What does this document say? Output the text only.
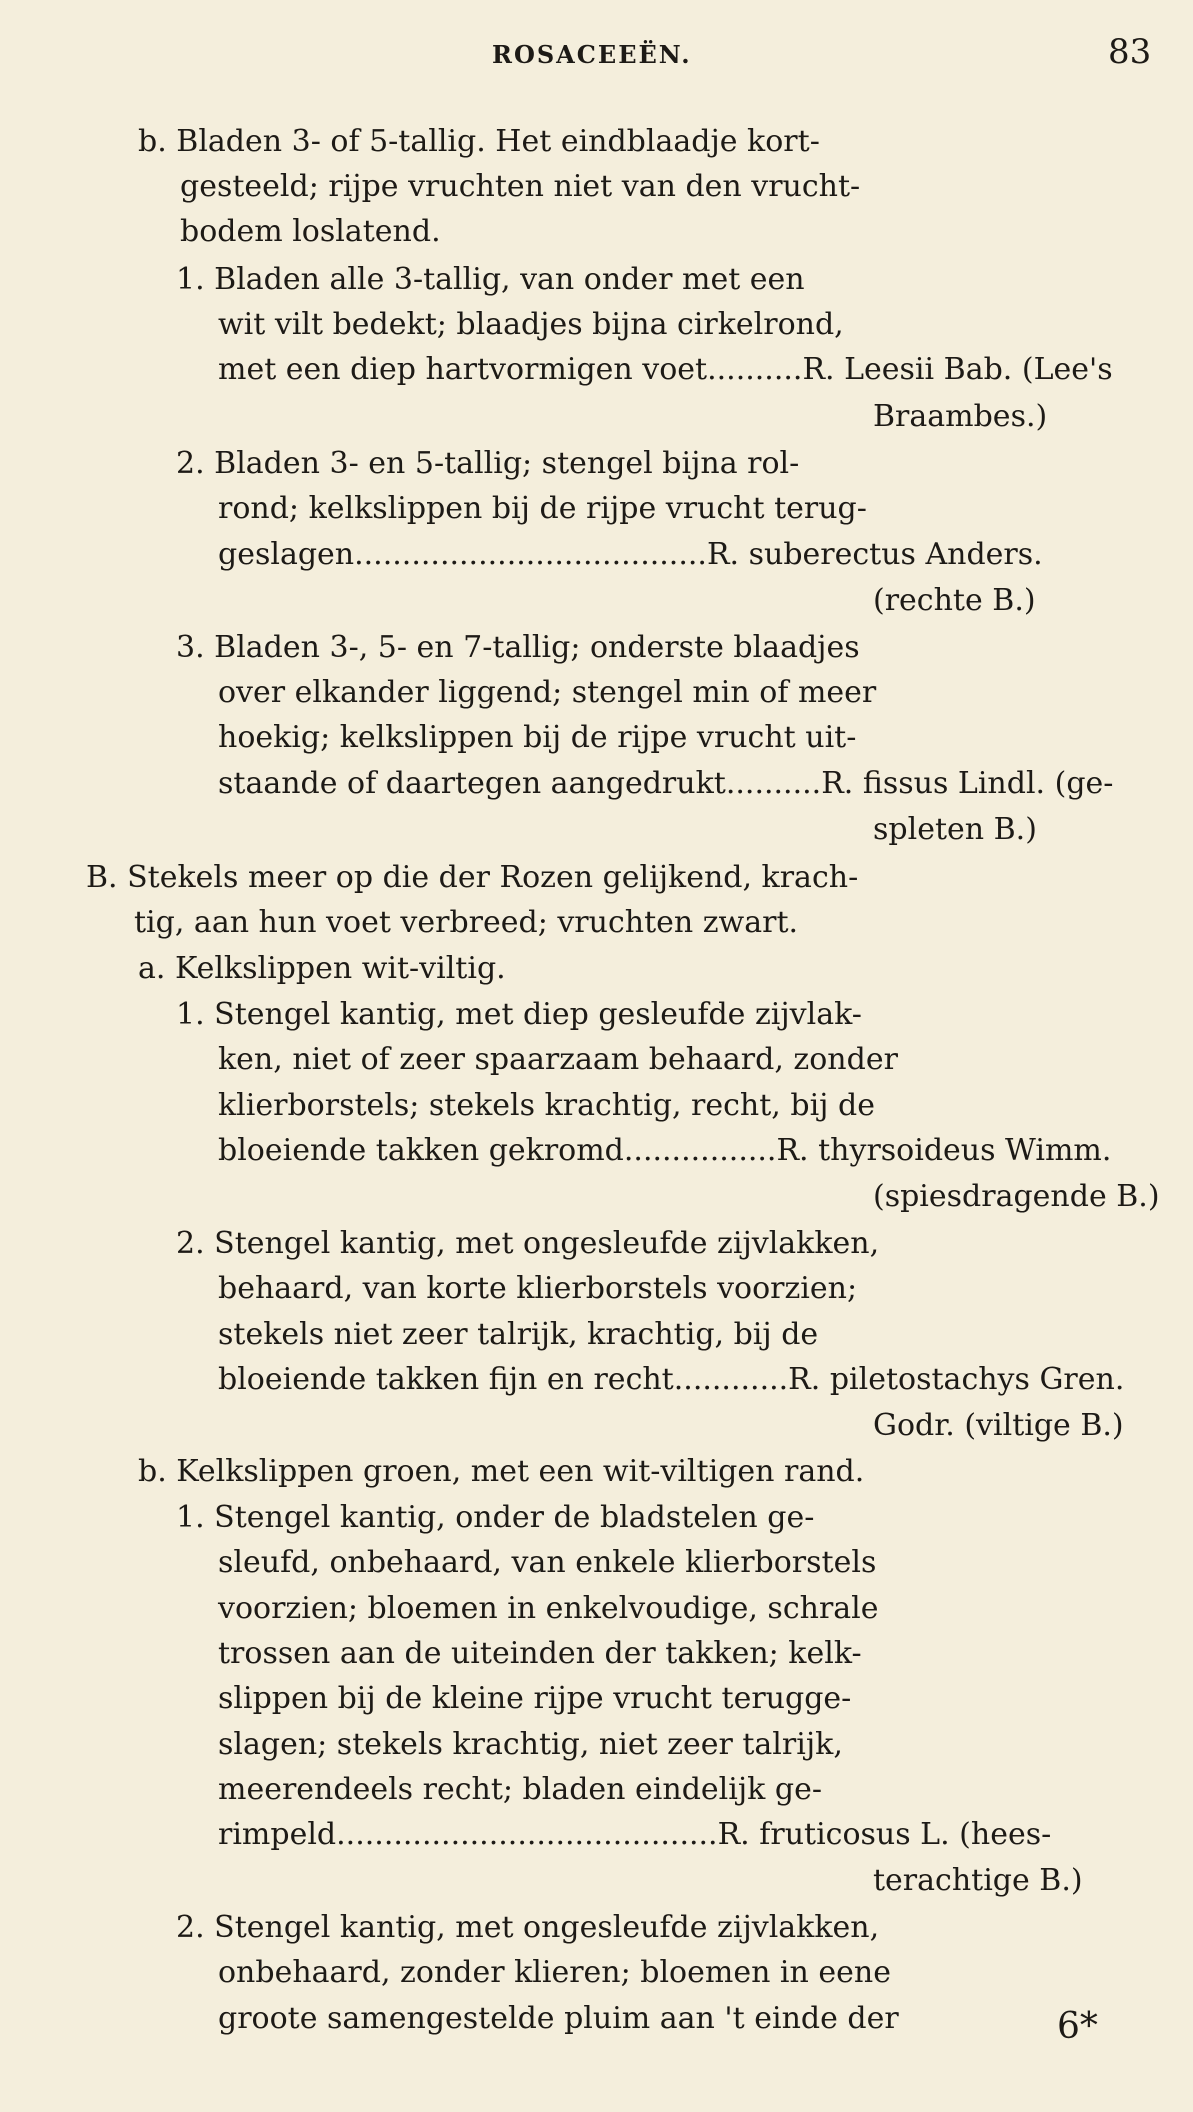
ROSACEEËN.	83
b. Bladen 3- of 5-tallig. Het eindblaadje kort-
gesteeld; rijpe vruchten niet van den vrucht-
bodem loslatend.
1. Bladen alle 3-tallig, van onder met een
wit vilt bedekt; blaadjes bijna cirkelrond,
met een diep hartvormigen voet..........R. Leesii Bab. (Lee's
Braambes.)
2. Bladen 3- en 5-tallig; stengel bijna rol-
rond; kelkslippen bij de rijpe vrucht terug-
geslagen.....................................R. suberectus Anders.
(rechte B.)
3. Bladen 3-, 5- en 7-tallig; onderste blaadjes
over elkander liggend; stengel min of meer
hoekig; kelkslippen bij de rijpe vrucht uit-
staande of daartegen aangedrukt..........R. fissus Lindl. (ge-
spleten B.)
B. Stekels meer op die der Rozen gelijkend, krach-
tig, aan hun voet verbreed; vruchten zwart.
a. Kelkslippen wit-viltig.
1. Stengel kantig, met diep gesleufde zijvlak-
ken, niet of zeer spaarzaam behaard, zonder
klierborstels; stekels krachtig, recht, bij de
bloeiende takken gekromd................R. thyrsoideus Wimm.
(spiesdragende B.)
2. Stengel kantig, met ongesleufde zijvlakken,
behaard, van korte klierborstels voorzien;
stekels niet zeer talrijk, krachtig, bij de
bloeiende takken fijn en recht............R. piletostachys Gren.
Godr. (viltige B.)
b. Kelkslippen groen, met een wit-viltigen rand.
1. Stengel kantig, onder de bladstelen ge-
sleufd, onbehaard, van enkele klierborstels
voorzien; bloemen in enkelvoudige, schrale
trossen aan de uiteinden der takken; kelk-
slippen bij de kleine rijpe vrucht terugge-
slagen; stekels krachtig, niet zeer talrijk,
meerendeels recht; bladen eindelijk ge-
rimpeld........................................R. fruticosus L. (hees-
terachtige B.)
2. Stengel kantig, met ongesleufde zijvlakken,
onbehaard, zonder klieren; bloemen in eene
groote samengestelde pluim aan 't einde der	6*
